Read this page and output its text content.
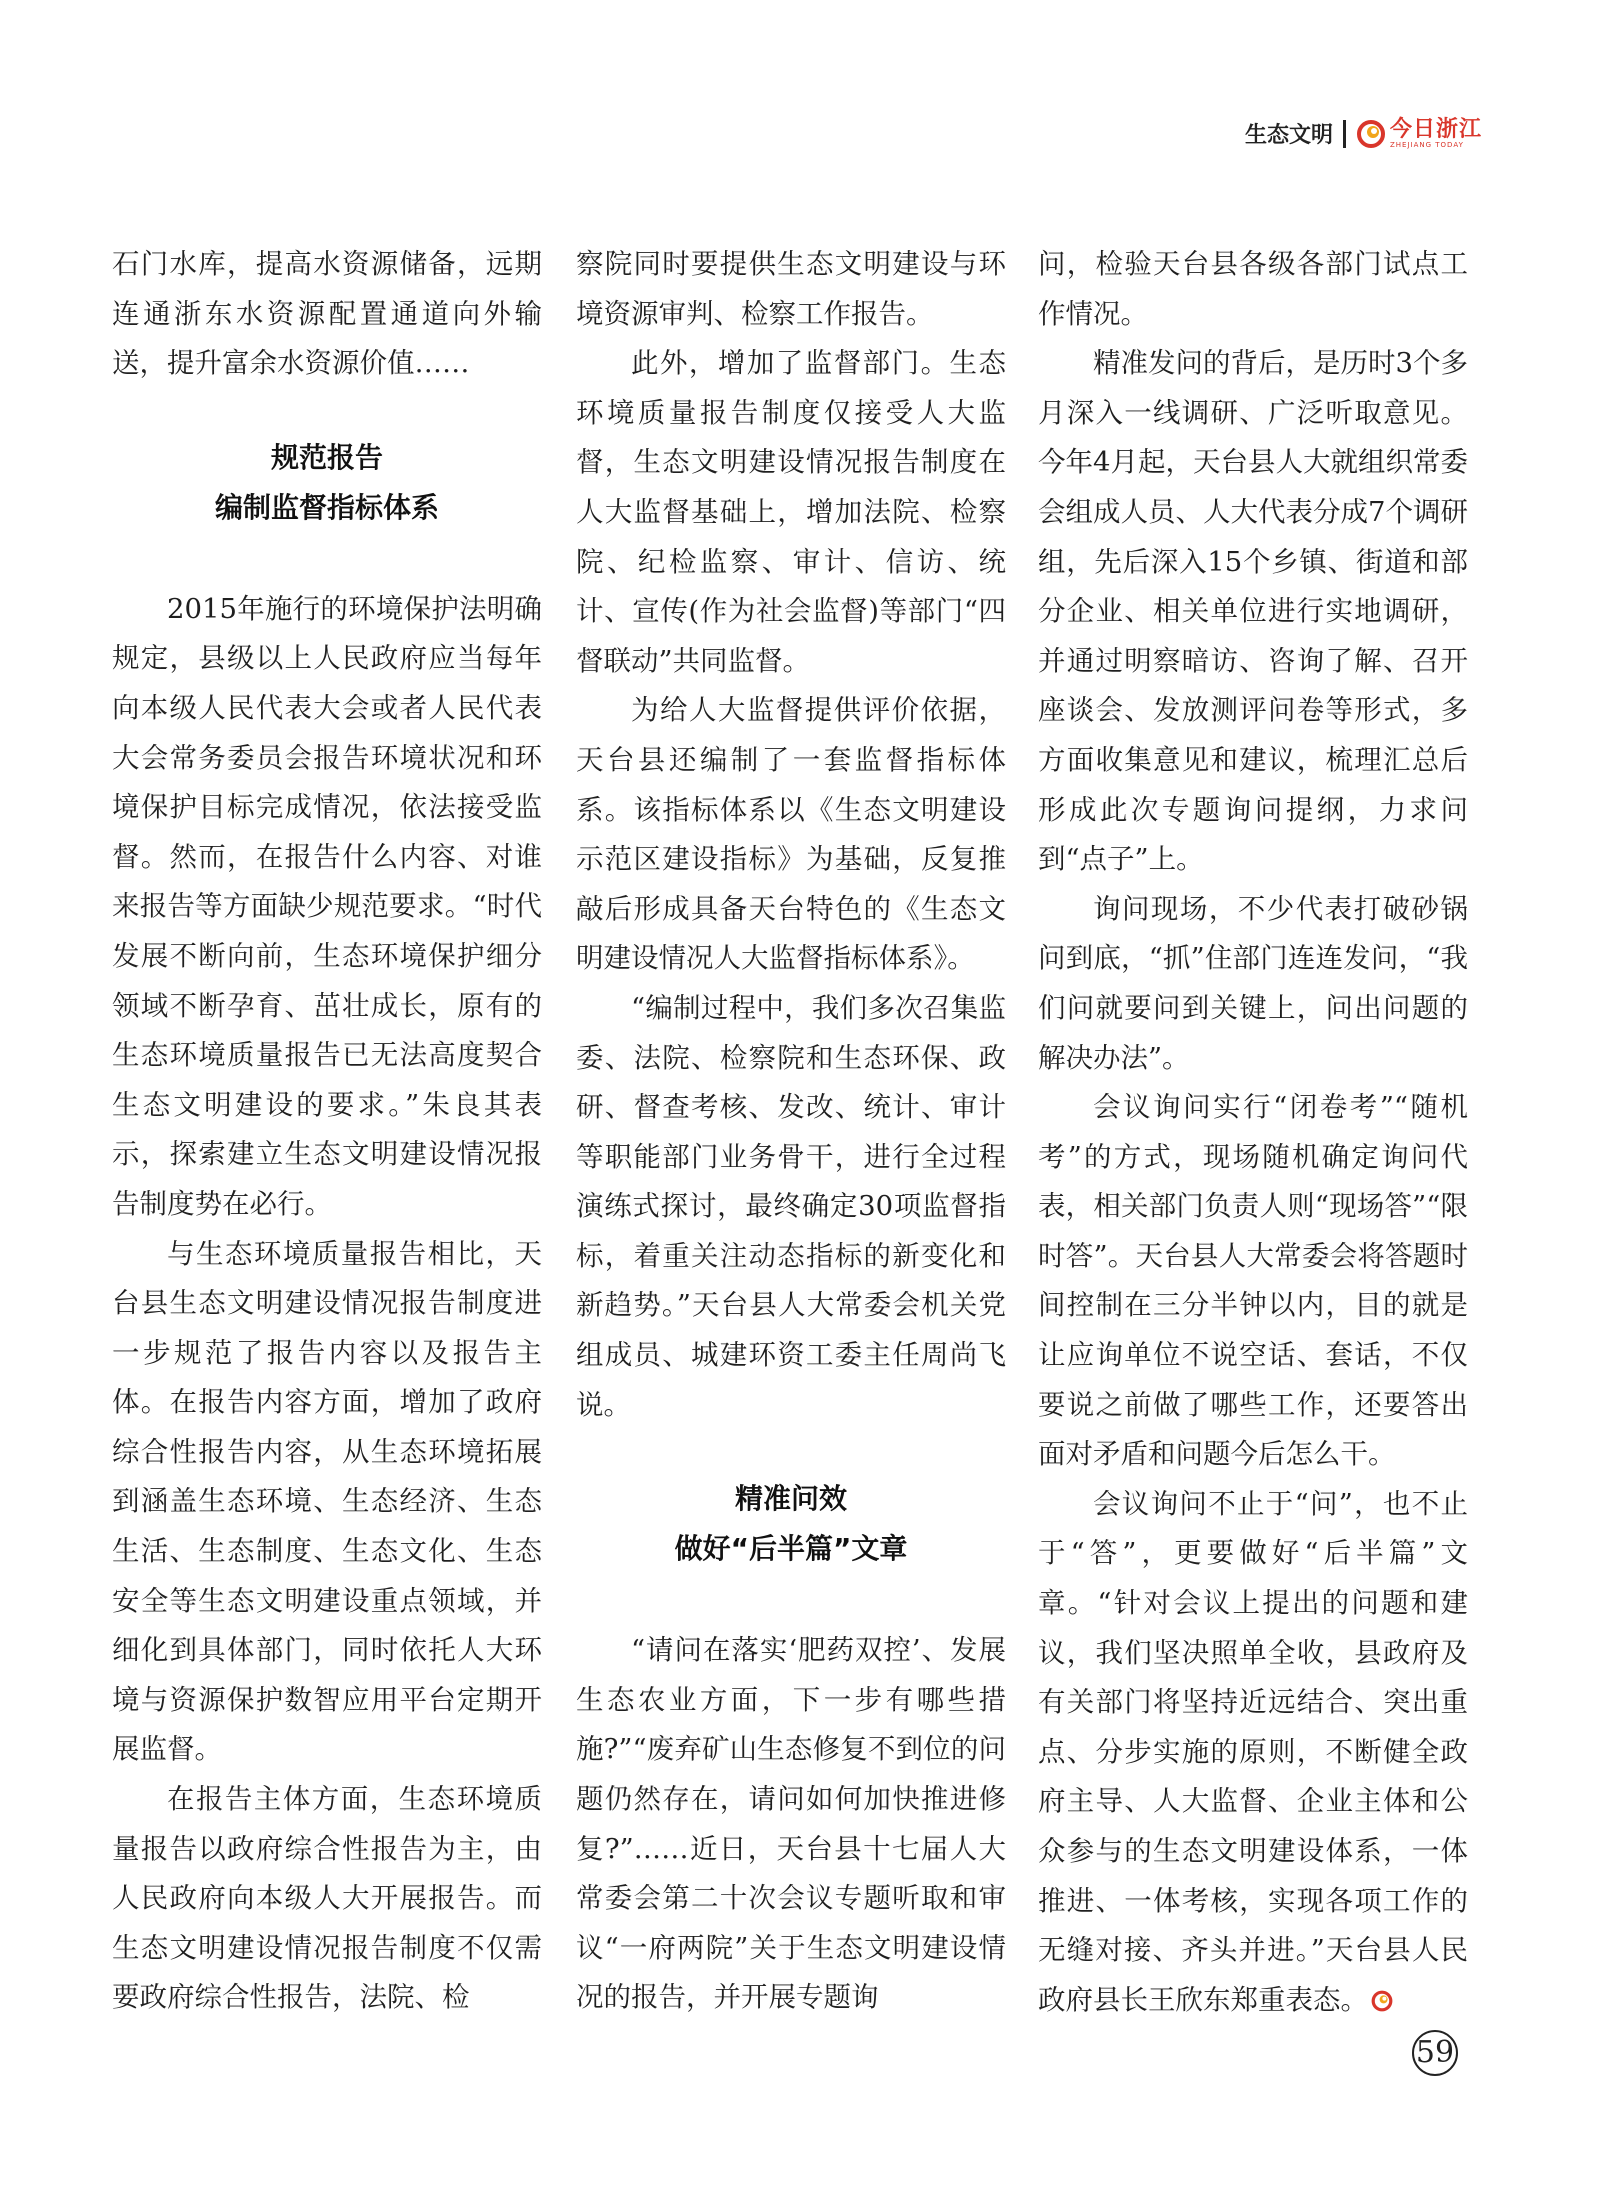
生态文明	今日浙江
ZHEJIANG TODAY

石门水库，提高水资源储备，远期连通浙东水资源配置通道向外输送，提升富余水资源价值……

规范报告

编制监督指标体系

2015年施行的环境保护法明确规定，县级以上人民政府应当每年向本级人民代表大会或者人民代表大会常务委员会报告环境状况和环境保护目标完成情况，依法接受监督。然而，在报告什么内容、对谁来报告等方面缺少规范要求。“时代发展不断向前，生态环境保护细分领域不断孕育、茁壮成长，原有的生态环境质量报告已无法高度契合生态文明建设的要求。”朱良其表示，探索建立生态文明建设情况报告制度势在必行。

与生态环境质量报告相比，天台县生态文明建设情况报告制度进一步规范了报告内容以及报告主体。在报告内容方面，增加了政府综合性报告内容，从生态环境拓展到涵盖生态环境、生态经济、生态生活、生态制度、生态文化、生态安全等生态文明建设重点领域，并细化到具体部门，同时依托人大环境与资源保护数智应用平台定期开展监督。

在报告主体方面，生态环境质量报告以政府综合性报告为主，由人民政府向本级人大开展报告。而生态文明建设情况报告制度不仅需要政府综合性报告，法院、检

察院同时要提供生态文明建设与环境资源审判、检察工作报告。

此外，增加了监督部门。生态环境质量报告制度仅接受人大监督，生态文明建设情况报告制度在人大监督基础上，增加法院、检察院、纪检监察、审计、信访、统计、宣传(作为社会监督)等部门“四督联动”共同监督。

为给人大监督提供评价依据，天台县还编制了一套监督指标体系。该指标体系以《生态文明建设示范区建设指标》为基础，反复推敲后形成具备天台特色的《生态文明建设情况人大监督指标体系》。

“编制过程中，我们多次召集监委、法院、检察院和生态环保、政研、督查考核、发改、统计、审计等职能部门业务骨干，进行全过程演练式探讨，最终确定30项监督指标，着重关注动态指标的新变化和新趋势。”天台县人大常委会机关党组成员、城建环资工委主任周尚飞说。

精准问效

做好“后半篇”文章

“请问在落实‘肥药双控’、发展生态农业方面，下一步有哪些措施?”“废弃矿山生态修复不到位的问题仍然存在，请问如何加快推进修复?”……近日，天台县十七届人大常委会第二十次会议专题听取和审议“一府两院”关于生态文明建设情况的报告，并开展专题询

问，检验天台县各级各部门试点工作情况。

精准发问的背后，是历时3个多月深入一线调研、广泛听取意见。今年4月起，天台县人大就组织常委会组成人员、人大代表分成7个调研组，先后深入15个乡镇、街道和部分企业、相关单位进行实地调研，并通过明察暗访、咨询了解、召开座谈会、发放测评问卷等形式，多方面收集意见和建议，梳理汇总后形成此次专题询问提纲，力求问到“点子”上。

询问现场，不少代表打破砂锅问到底，“抓”住部门连连发问，“我们问就要问到关键上，问出问题的解决办法”。

会议询问实行“闭卷考”“随机考”的方式，现场随机确定询问代表，相关部门负责人则“现场答”“限时答”。天台县人大常委会将答题时间控制在三分半钟以内，目的就是让应询单位不说空话、套话，不仅要说之前做了哪些工作，还要答出面对矛盾和问题今后怎么干。

会议询问不止于“问”，也不止于“答”，更要做好“后半篇”文章。“针对会议上提出的问题和建议，我们坚决照单全收，县政府及有关部门将坚持近远结合、突出重点、分步实施的原则，不断健全政府主导、人大监督、企业主体和公众参与的生态文明建设体系，一体推进、一体考核，实现各项工作的无缝对接、齐头并进。”天台县人民政府县长王欣东郑重表态。

59
